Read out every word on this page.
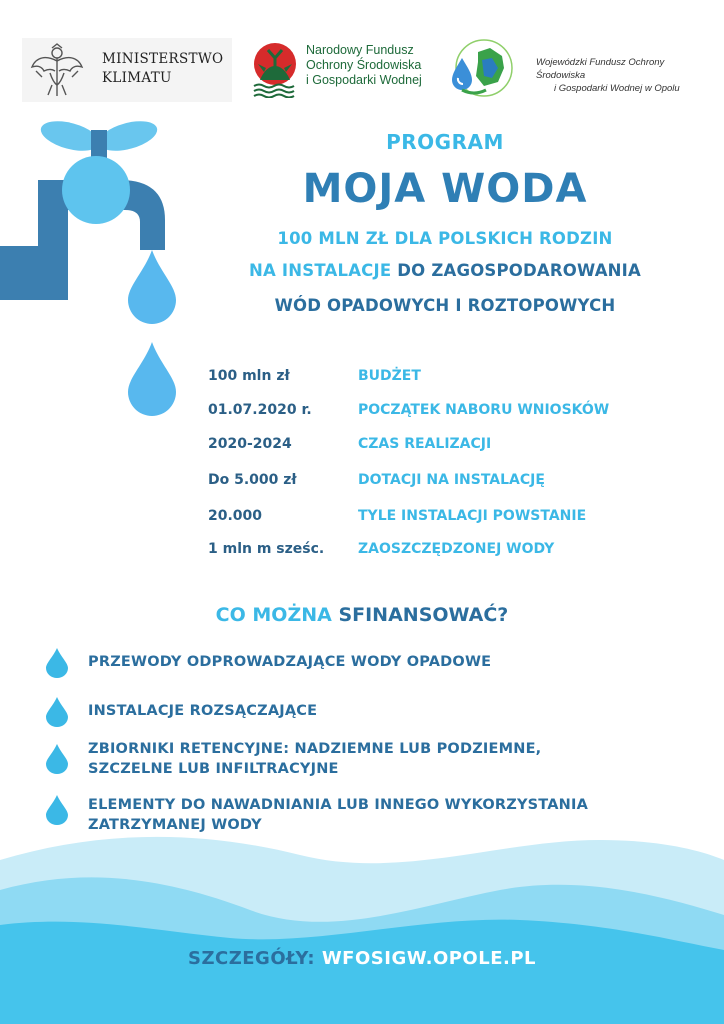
MINISTERSTWO
KLIMATU
Narodowy Fundusz
Ochrony Środowiska
i Gospodarki Wodnej
Wojewódzki Fundusz Ochrony Środowiska
i Gospodarki Wodnej w Opolu
PROGRAM
MOJA WODA
100 MLN ZŁ DLA POLSKICH RODZIN
NA INSTALACJE DO ZAGOSPODAROWANIA
WÓD OPADOWYCH I ROZTOPOWYCH
100 mln zł	BUDŻET
01.07.2020 r.	POCZĄTEK NABORU WNIOSKÓW
2020-2024	CZAS REALIZACJI
Do 5.000 zł	DOTACJI NA INSTALACJĘ
20.000	TYLE INSTALACJI POWSTANIE
1 mln m sześc. ZAOSZCZĘDZONEJ WODY
CO MOŻNA SFINANSOWAĆ?
PRZEWODY ODPROWADZAJĄCE WODY OPADOWE
INSTALACJE ROZSĄCZAJĄCE
ZBIORNIKI RETENCYJNE: NADZIEMNE LUB PODZIEMNE,
SZCZELNE LUB INFILTRACYJNE
ELEMENTY DO NAWADNIANIA LUB INNEGO WYKORZYSTANIA
ZATRZYMANEJ WODY
SZCZEGÓŁY: WFOSIGW.OPOLE.PL
